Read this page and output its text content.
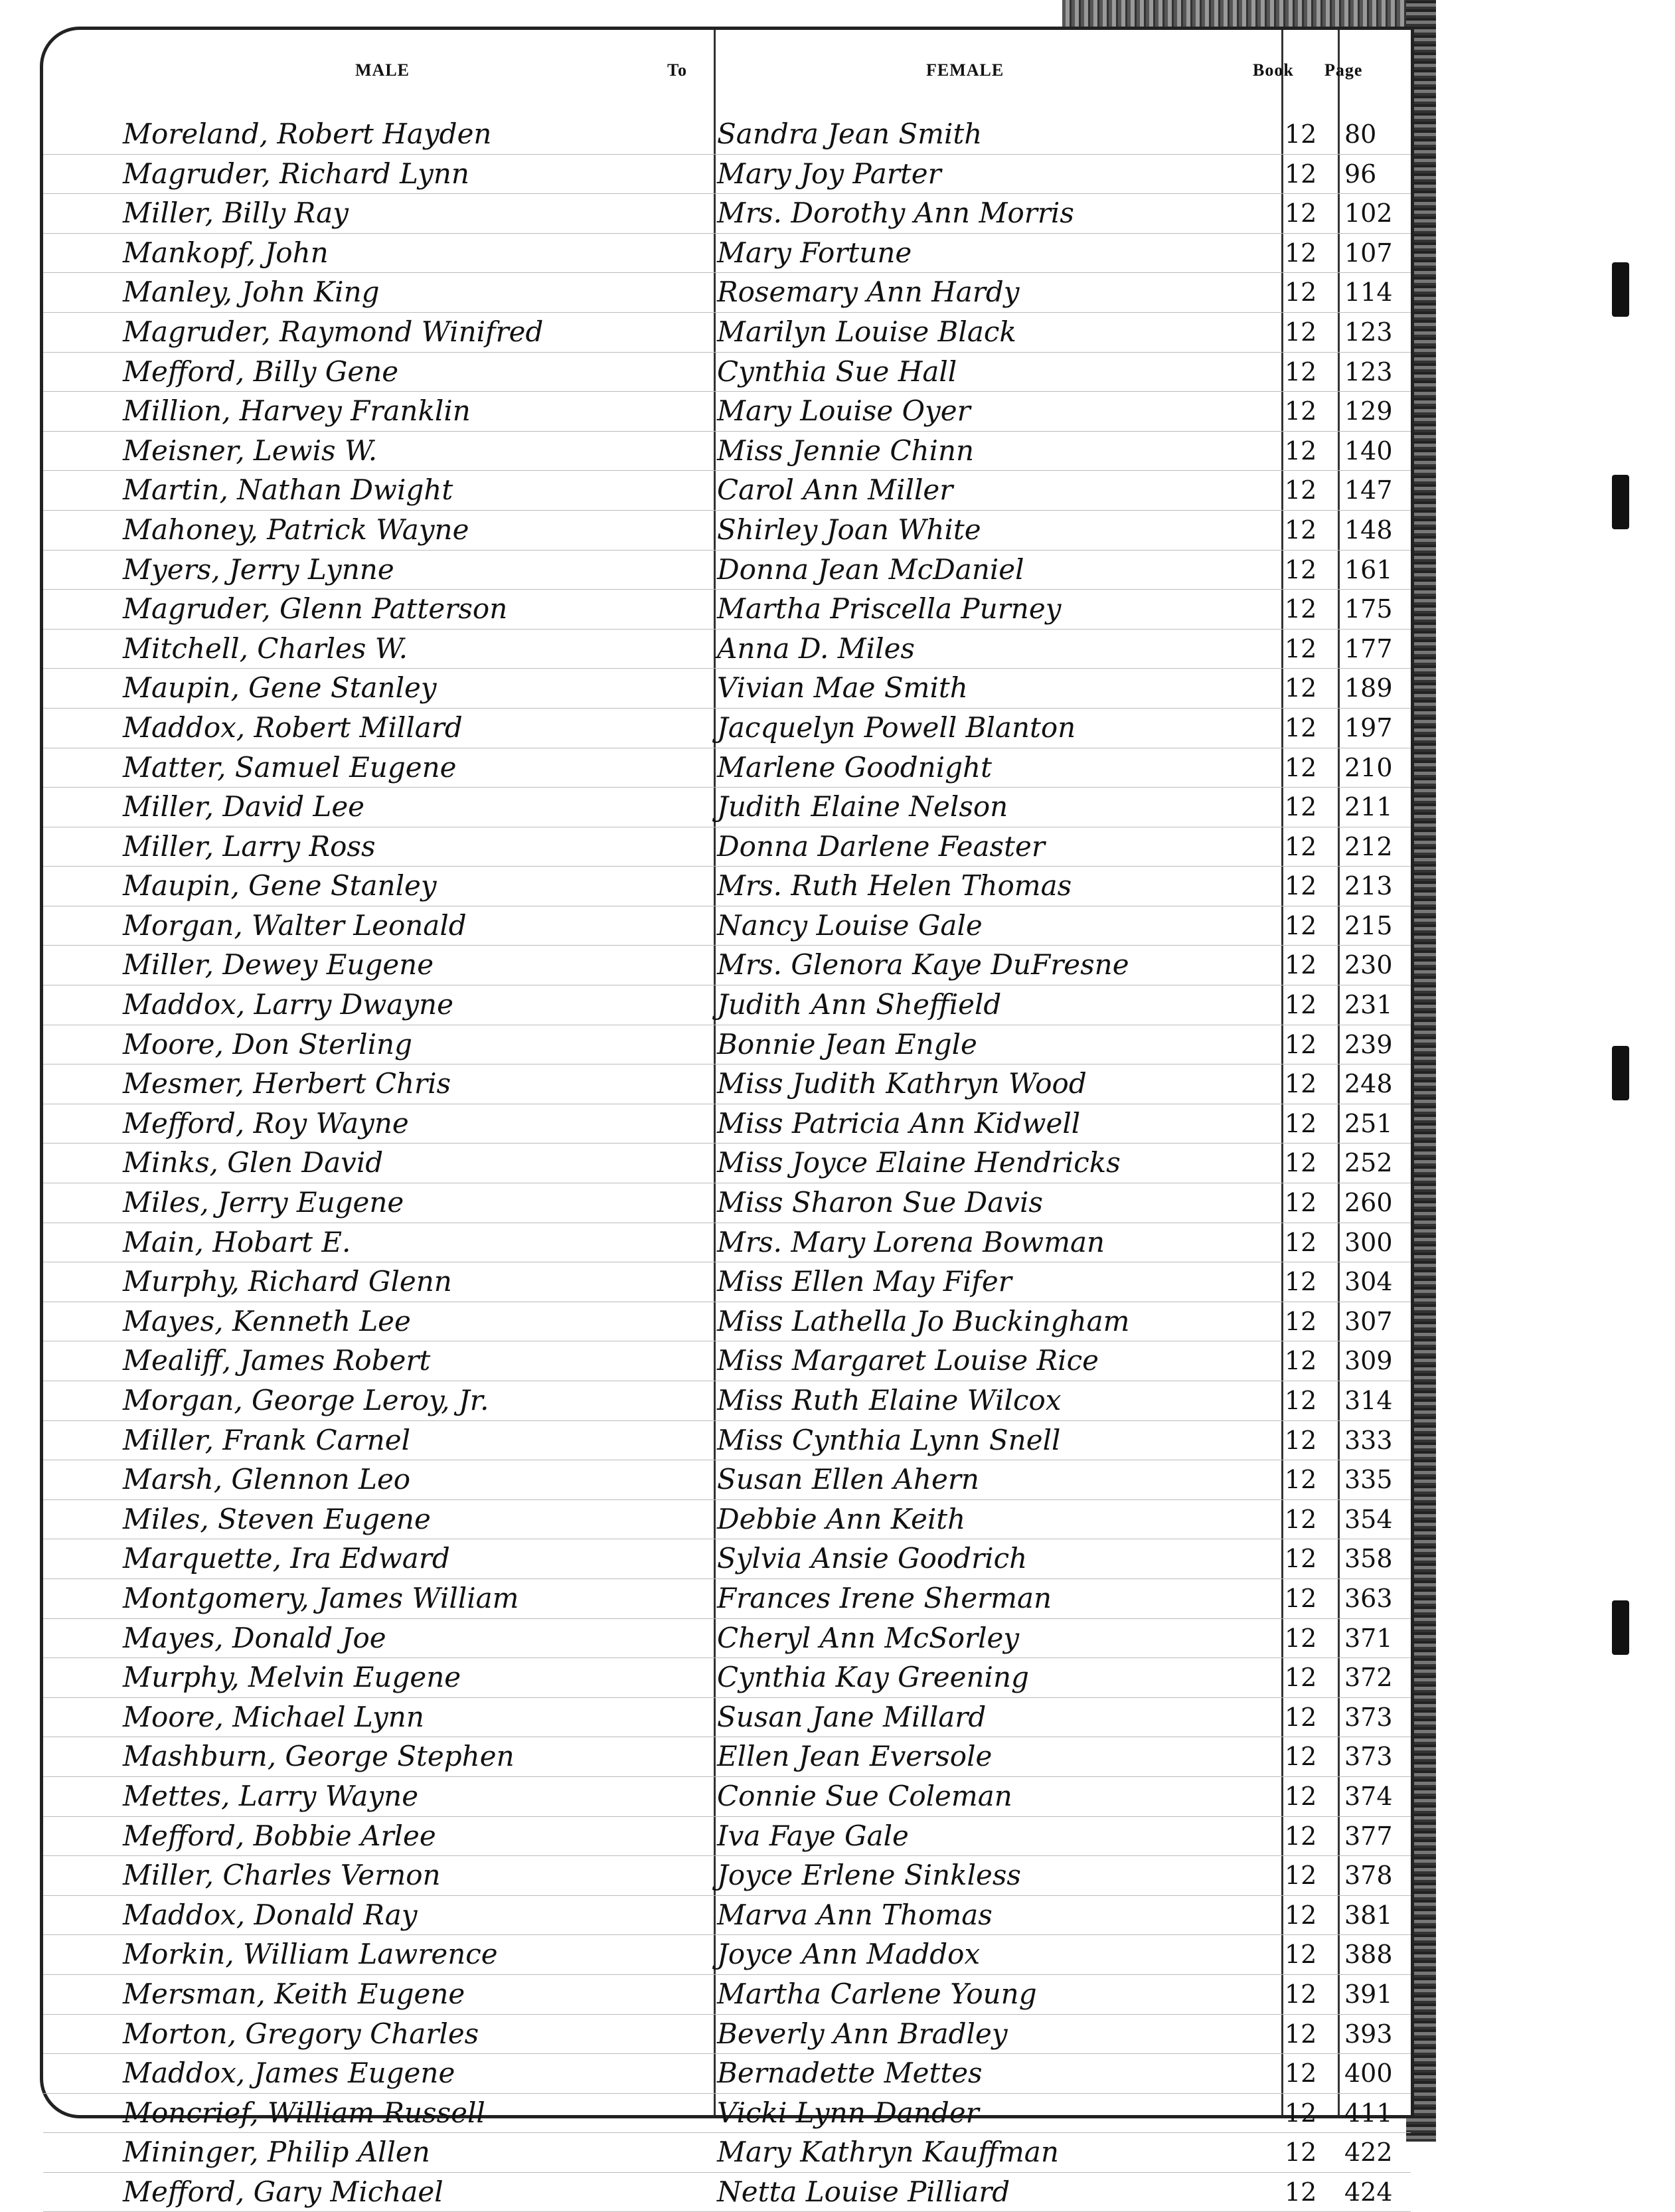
MALE	To	FEMALE	Book Page
Moreland, Robert Hayden	Sandra Jean Smith	12	80
Magruder, Richard Lynn	Mary Joy Parter	12	96
Miller, Billy Ray	Mrs. Dorothy Ann Morris	12	102
Mankopf, John	Mary Fortune	12	107
Manley, John King	Rosemary Ann Hardy	12	114
Magruder, Raymond Winifred	Marilyn Louise Black	12	123
Mefford, Billy Gene	Cynthia Sue Hall	12	123
Million, Harvey Franklin	Mary Louise Oyer	12	129
Meisner, Lewis W.	Miss Jennie Chinn	12	140
Martin, Nathan Dwight	Carol Ann Miller	12	147
Mahoney, Patrick Wayne	Shirley Joan White	12	148
Myers, Jerry Lynne	Donna Jean McDaniel	12	161
Magruder, Glenn Patterson	Martha Priscella Purney	12	175
Mitchell, Charles W.	Anna D. Miles	12	177
Maupin, Gene Stanley	Vivian Mae Smith	12	189
Maddox, Robert Millard	Jacquelyn Powell Blanton	12	197
Matter, Samuel Eugene	Marlene Goodnight	12	210
Miller, David Lee	Judith Elaine Nelson	12	211
Miller, Larry Ross	Donna Darlene Feaster	12	212
Maupin, Gene Stanley	Mrs. Ruth Helen Thomas	12	213
Morgan, Walter Leonald	Nancy Louise Gale	12	215
Miller, Dewey Eugene	Mrs. Glenora Kaye DuFresne	12	230
Maddox, Larry Dwayne	Judith Ann Sheffield	12	231
Moore, Don Sterling	Bonnie Jean Engle	12	239
Mesmer, Herbert Chris	Miss Judith Kathryn Wood	12	248
Mefford, Roy Wayne	Miss Patricia Ann Kidwell	12	251
Minks, Glen David	Miss Joyce Elaine Hendricks	12	252
Miles, Jerry Eugene	Miss Sharon Sue Davis	12	260
Main, Hobart E.	Mrs. Mary Lorena Bowman	12	300
Murphy, Richard Glenn	Miss Ellen May Fifer	12	304
Mayes, Kenneth Lee	Miss Lathella Jo Buckingham	12	307
Mealiff, James Robert	Miss Margaret Louise Rice	12	309
Morgan, George Leroy, Jr.	Miss Ruth Elaine Wilcox	12	314
Miller, Frank Carnel	Miss Cynthia Lynn Snell	12	333
Marsh, Glennon Leo	Susan Ellen Ahern	12	335
Miles, Steven Eugene	Debbie Ann Keith	12	354
Marquette, Ira Edward	Sylvia Ansie Goodrich	12	358
Montgomery, James William	Frances Irene Sherman	12	363
Mayes, Donald Joe	Cheryl Ann McSorley	12	371
Murphy, Melvin Eugene	Cynthia Kay Greening	12	372
Moore, Michael Lynn	Susan Jane Millard	12	373
Mashburn, George Stephen	Ellen Jean Eversole	12	373
Mettes, Larry Wayne	Connie Sue Coleman	12	374
Mefford, Bobbie Arlee	Iva Faye Gale	12	377
Miller, Charles Vernon	Joyce Erlene Sinkless	12	378
Maddox, Donald Ray	Marva Ann Thomas	12	381
Morkin, William Lawrence	Joyce Ann Maddox	12	388
Mersman, Keith Eugene	Martha Carlene Young	12	391
Morton, Gregory Charles	Beverly Ann Bradley	12	393
Maddox, James Eugene	Bernadette Mettes	12	400
Moncrief, William Russell	Vicki Lynn Dander	12	411
Mininger, Philip Allen	Mary Kathryn Kauffman	12	422
Mefford, Gary Michael	Netta Louise Pilliard	12	424
